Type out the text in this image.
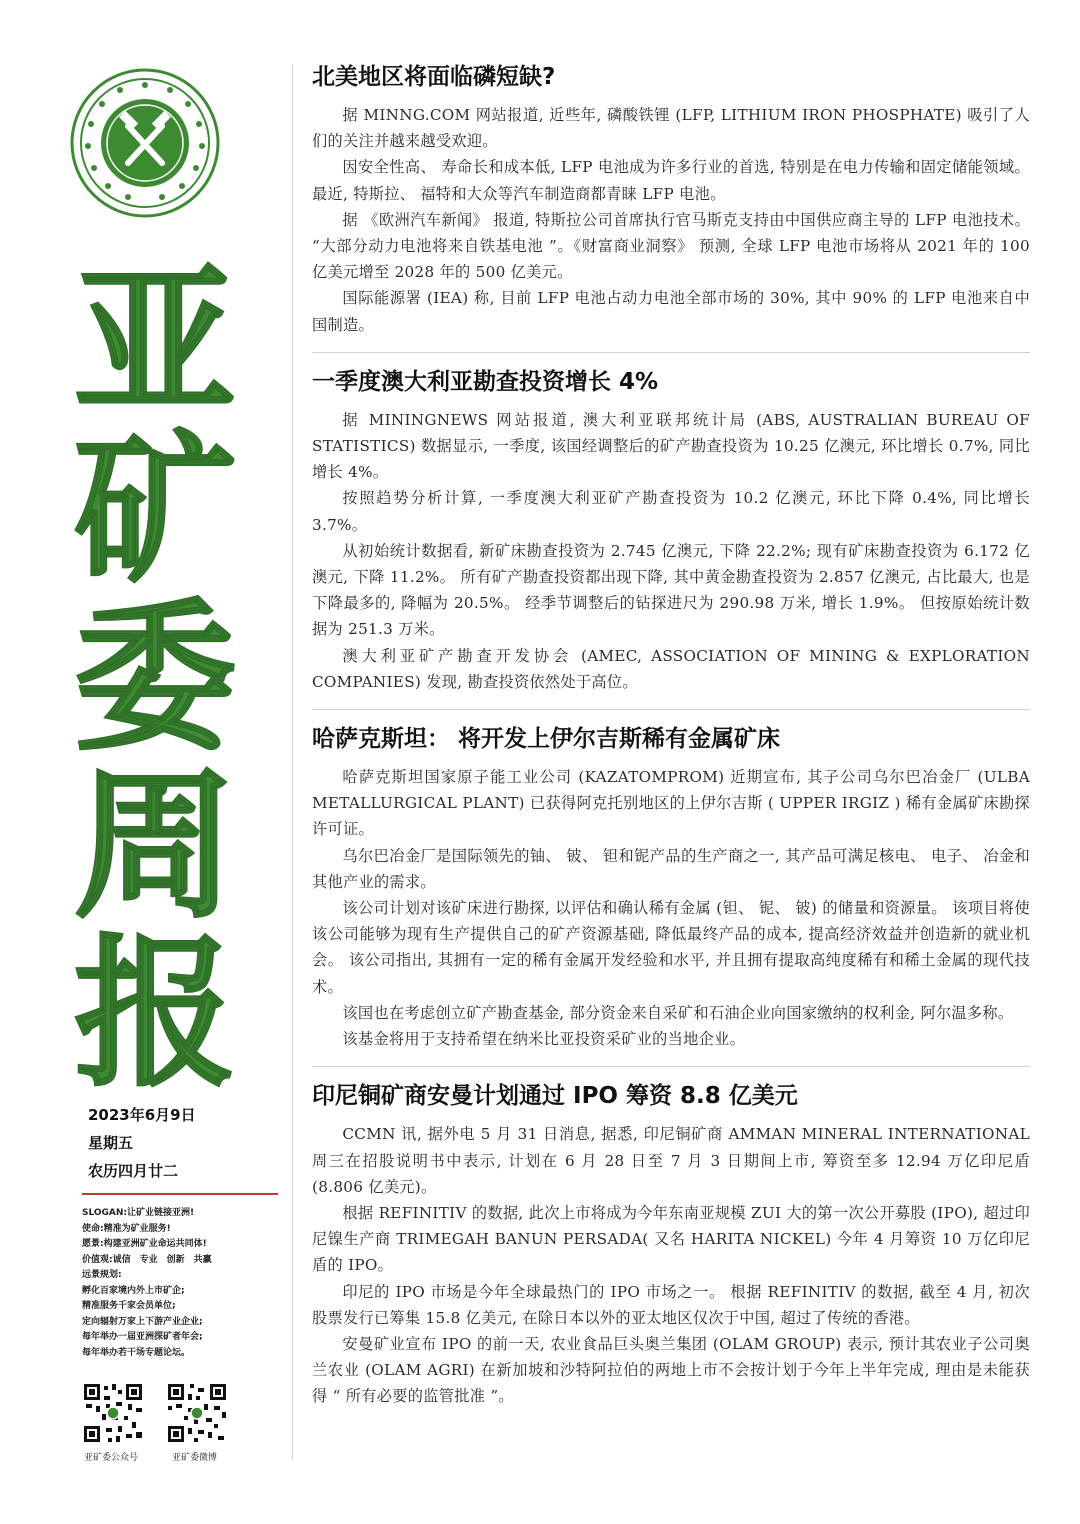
亚
矿
委
周
报
2023年6月9日
星期五
农历四月廿二
SLOGAN:让矿业链接亚洲!
使命:精准为矿业服务!
愿景:构建亚洲矿业命运共同体!
价值观:诚信　专业　创新　共赢
远景规划:
孵化百家境内外上市矿企;
精准服务千家会员单位;
定向辐射万家上下游产业企业;
每年举办一届亚洲探矿者年会;
每年举办若干场专题论坛。
亚矿委公众号	亚矿委微博
北美地区将面临磷短缺?

据 MINNG.COM 网站报道, 近些年, 磷酸铁锂 (LFP, LITHIUM IRON PHOSPHATE) 吸引了人们的关注并越来越受欢迎。

因安全性高、 寿命长和成本低, LFP 电池成为许多行业的首选, 特别是在电力传输和固定储能领域。 最近, 特斯拉、 福特和大众等汽车制造商都青睐 LFP 电池。

据 《欧洲汽车新闻》 报道, 特斯拉公司首席执行官马斯克支持由中国供应商主导的 LFP 电池技术。 “大部分动力电池将来自铁基电池 ”。《财富商业洞察》 预测, 全球 LFP 电池市场将从 2021 年的 100 亿美元增至 2028 年的 500 亿美元。

国际能源署 (IEA) 称, 目前 LFP 电池占动力电池全部市场的 30%, 其中 90% 的 LFP 电池来自中国制造。

一季度澳大利亚勘查投资增长 4%

据 MININGNEWS 网站报道, 澳大利亚联邦统计局 (ABS, AUSTRALIAN BUREAU OF STATISTICS) 数据显示, 一季度, 该国经调整后的矿产勘查投资为 10.25 亿澳元, 环比增长 0.7%, 同比增长 4%。

按照趋势分析计算, 一季度澳大利亚矿产勘查投资为 10.2 亿澳元, 环比下降 0.4%, 同比增长 3.7%。

从初始统计数据看, 新矿床勘查投资为 2.745 亿澳元, 下降 22.2%; 现有矿床勘查投资为 6.172 亿澳元, 下降 11.2%。 所有矿产勘查投资都出现下降, 其中黄金勘查投资为 2.857 亿澳元, 占比最大, 也是下降最多的, 降幅为 20.5%。 经季节调整后的钻探进尺为 290.98 万米, 增长 1.9%。 但按原始统计数据为 251.3 万米。

澳大利亚矿产勘查开发协会 (AMEC, ASSOCIATION OF MINING & EXPLORATION COMPANIES) 发现, 勘查投资依然处于高位。

哈萨克斯坦： 将开发上伊尔吉斯稀有金属矿床

哈萨克斯坦国家原子能工业公司 (KAZATOMPROM) 近期宣布, 其子公司乌尔巴冶金厂 (ULBA METALLURGICAL PLANT) 已获得阿克托别地区的上伊尔吉斯 ( UPPER IRGIZ ) 稀有金属矿床勘探许可证。

乌尔巴冶金厂是国际领先的铀、 铍、 钽和铌产品的生产商之一, 其产品可满足核电、 电子、 冶金和其他产业的需求。

该公司计划对该矿床进行勘探, 以评估和确认稀有金属 (钽、 铌、 铍) 的储量和资源量。 该项目将使该公司能够为现有生产提供自己的矿产资源基础, 降低最终产品的成本, 提高经济效益并创造新的就业机会。 该公司指出, 其拥有一定的稀有金属开发经验和水平, 并且拥有提取高纯度稀有和稀土金属的现代技术。

该国也在考虑创立矿产勘查基金, 部分资金来自采矿和石油企业向国家缴纳的权利金, 阿尔温多称。

该基金将用于支持希望在纳米比亚投资采矿业的当地企业。

印尼铜矿商安曼计划通过 IPO 筹资 8.8 亿美元

CCMN 讯, 据外电 5 月 31 日消息, 据悉, 印尼铜矿商 AMMAN MINERAL INTERNATIONAL 周三在招股说明书中表示, 计划在 6 月 28 日至 7 月 3 日期间上市, 筹资至多 12.94 万亿印尼盾 (8.806 亿美元)。

根据 REFINITIV 的数据, 此次上市将成为今年东南亚规模 ZUI 大的第一次公开募股 (IPO), 超过印尼镍生产商 TRIMEGAH BANUN PERSADA( 又名 HARITA NICKEL) 今年 4 月筹资 10 万亿印尼盾的 IPO。

印尼的 IPO 市场是今年全球最热门的 IPO 市场之一。 根据 REFINITIV 的数据, 截至 4 月, 初次股票发行已筹集 15.8 亿美元, 在除日本以外的亚太地区仅次于中国, 超过了传统的香港。

安曼矿业宣布 IPO 的前一天, 农业食品巨头奥兰集团 (OLAM GROUP) 表示, 预计其农业子公司奥兰农业 (OLAM AGRI) 在新加坡和沙特阿拉伯的两地上市不会按计划于今年上半年完成, 理由是未能获得 “ 所有必要的监管批准 ”。
